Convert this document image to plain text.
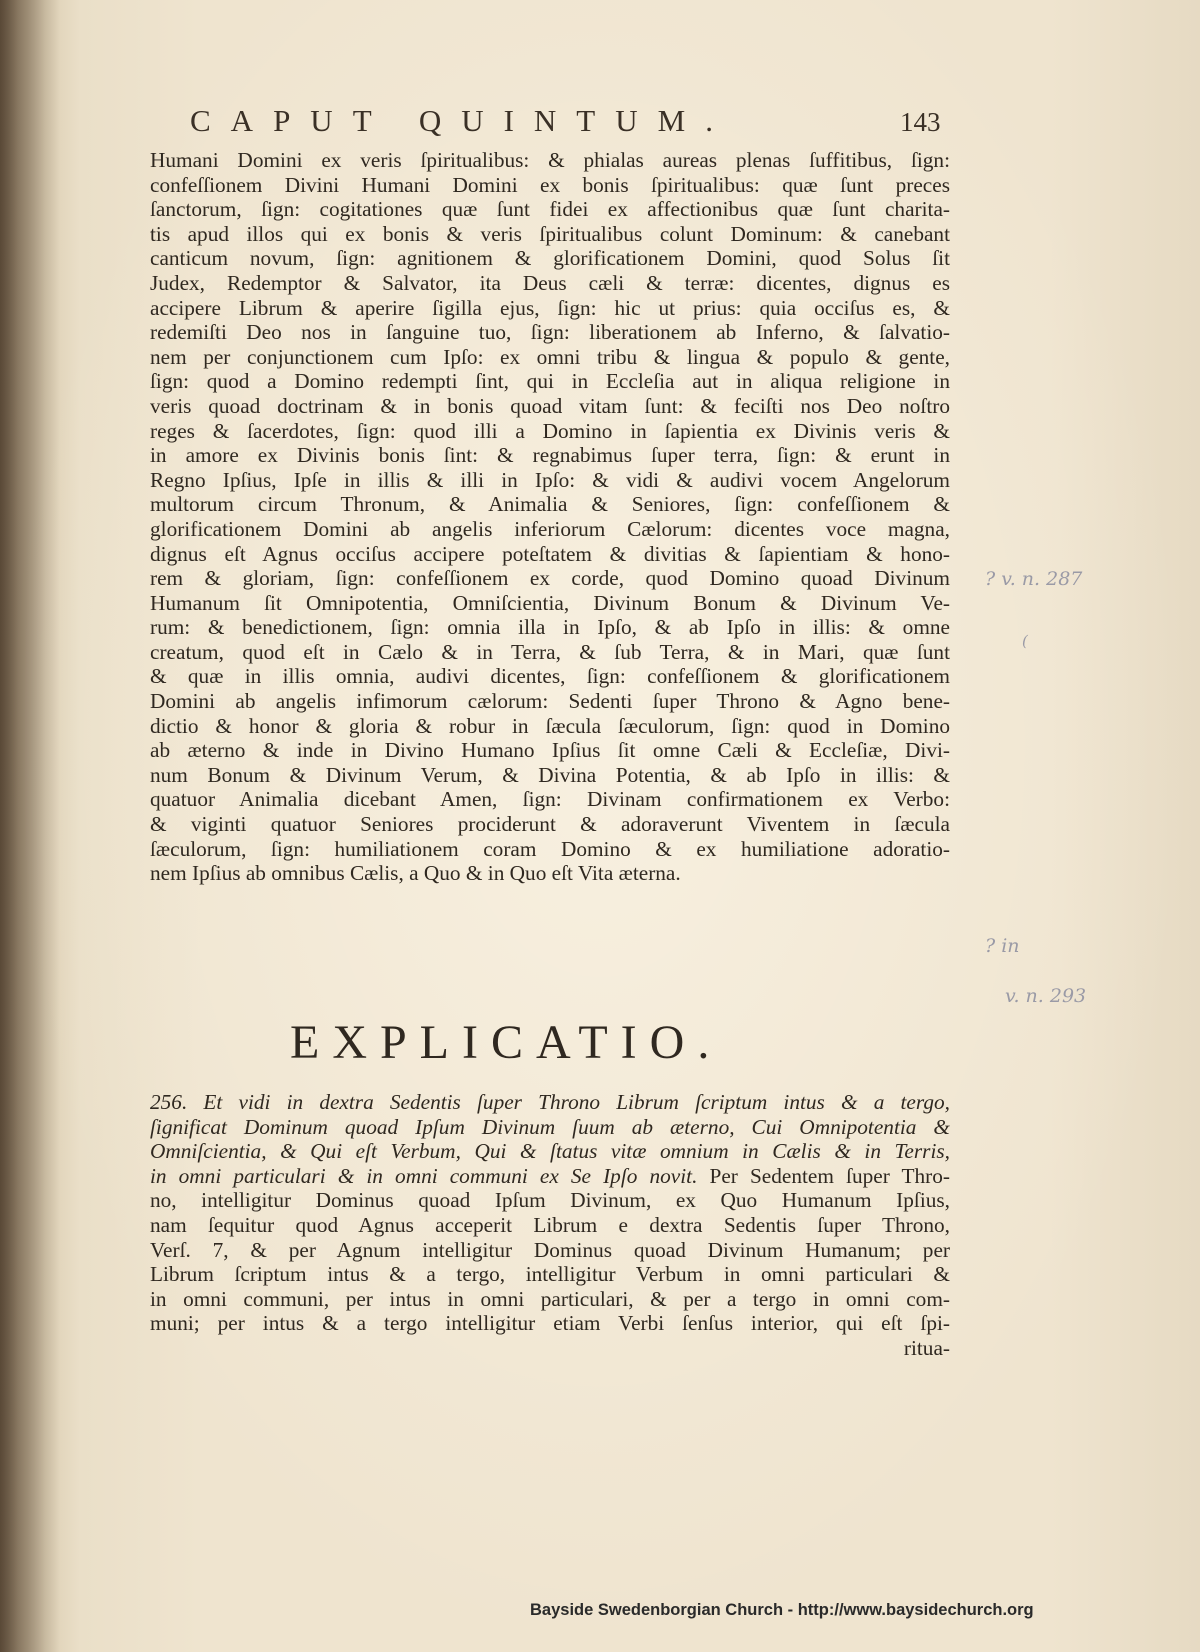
CAPUT QUINTUM.	143
Humani Domini ex veris ſpiritualibus: & phialas aureas plenas ſuffitibus, ſign:
confeſſionem Divini Humani Domini ex bonis ſpiritualibus: quæ ſunt preces
ſanctorum, ſign: cogitationes quæ ſunt fidei ex affectionibus quæ ſunt charita-
tis apud illos qui ex bonis & veris ſpiritualibus colunt Dominum: & canebant
canticum novum, ſign: agnitionem & glorificationem Domini, quod Solus ſit
Judex, Redemptor & Salvator, ita Deus cæli & terræ: dicentes, dignus es
accipere Librum & aperire ſigilla ejus, ſign: hic ut prius: quia occiſus es, &
redemiſti Deo nos in ſanguine tuo, ſign: liberationem ab Inferno, & ſalvatio-
nem per conjunctionem cum Ipſo: ex omni tribu & lingua & populo & gente,
ſign: quod a Domino redempti ſint, qui in Eccleſia aut in aliqua religione in
veris quoad doctrinam & in bonis quoad vitam ſunt: & feciſti nos Deo noſtro
reges & ſacerdotes, ſign: quod illi a Domino in ſapientia ex Divinis veris &
in amore ex Divinis bonis ſint: & regnabimus ſuper terra, ſign: & erunt in
Regno Ipſius, Ipſe in illis & illi in Ipſo: & vidi & audivi vocem Angelorum
multorum circum Thronum, & Animalia & Seniores, ſign: confeſſionem &
glorificationem Domini ab angelis inferiorum Cælorum: dicentes voce magna,
dignus eſt Agnus occiſus accipere poteſtatem & divitias & ſapientiam & hono-
rem & gloriam, ſign: confeſſionem ex corde, quod Domino quoad Divinum
Humanum ſit Omnipotentia, Omniſcientia, Divinum Bonum & Divinum Ve-
rum: & benedictionem, ſign: omnia illa in Ipſo, & ab Ipſo in illis: & omne
creatum, quod eſt in Cælo & in Terra, & ſub Terra, & in Mari, quæ ſunt
& quæ in illis omnia, audivi dicentes, ſign: confeſſionem & glorificationem
Domini ab angelis infimorum cælorum: Sedenti ſuper Throno & Agno bene-
dictio & honor & gloria & robur in ſæcula ſæculorum, ſign: quod in Domino
ab æterno & inde in Divino Humano Ipſius ſit omne Cæli & Eccleſiæ, Divi-
num Bonum & Divinum Verum, & Divina Potentia, & ab Ipſo in illis: &
quatuor Animalia dicebant Amen, ſign: Divinam confirmationem ex Verbo:
& viginti quatuor Seniores prociderunt & adoraverunt Viventem in ſæcula
ſæculorum, ſign: humiliationem coram Domino & ex humiliatione adoratio-
nem Ipſius ab omnibus Cælis, a Quo & in Quo eſt Vita æterna.
EXPLICATIO.
256. Et vidi in dextra Sedentis ſuper Throno Librum ſcriptum intus & a tergo,
ſignificat Dominum quoad Ipſum Divinum ſuum ab æterno, Cui Omnipotentia &
Omniſcientia, & Qui eſt Verbum, Qui & ſtatus vitæ omnium in Cælis & in Terris,
in omni particulari & in omni communi ex Se Ipſo novit. Per Sedentem ſuper Thro-
no, intelligitur Dominus quoad Ipſum Divinum, ex Quo Humanum Ipſius,
nam ſequitur quod Agnus acceperit Librum e dextra Sedentis ſuper Throno,
Verſ. 7, & per Agnum intelligitur Dominus quoad Divinum Humanum; per
Librum ſcriptum intus & a tergo, intelligitur Verbum in omni particulari &
in omni communi, per intus in omni particulari, & per a tergo in omni com-
muni; per intus & a tergo intelligitur etiam Verbi ſenſus interior, qui eſt ſpi-
ritua-
? v. n. 287
(
? in
v. n. 293
Bayside Swedenborgian Church - http://www.baysidechurch.org
